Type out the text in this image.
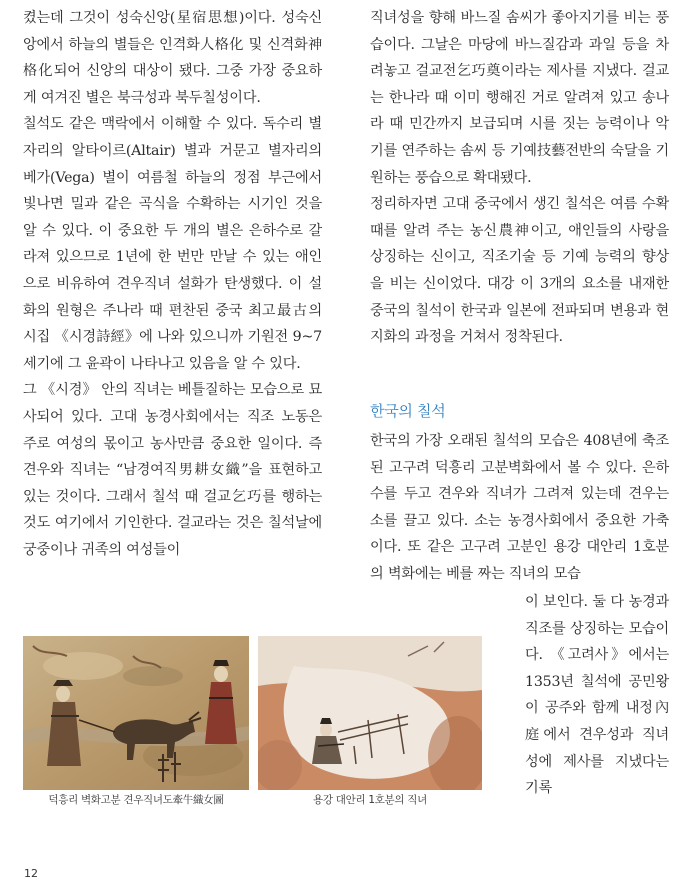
켰는데 그것이 성숙신앙(星宿思想)이다. 성숙신앙에서 하늘의 별들은 인격화人格化 및 신격화神格化되어 신앙의 대상이 됐다. 그중 가장 중요하게 여겨진 별은 북극성과 북두칠성이다.

칠석도 같은 맥락에서 이해할 수 있다. 독수리 별자리의 알타이르(Altair) 별과 거문고 별자리의 베가(Vega) 별이 여름철 하늘의 정점 부근에서 빛나면 밀과 같은 곡식을 수확하는 시기인 것을 알 수 있다. 이 중요한 두 개의 별은 은하수로 갈라져 있으므로 1년에 한 번만 만날 수 있는 애인으로 비유하여 견우직녀 설화가 탄생했다. 이 설화의 원형은 주나라 때 편찬된 중국 최고最古의 시집 《시경詩經》에 나와 있으니까 기원전 9~7세기에 그 윤곽이 나타나고 있음을 알 수 있다.

그 《시경》 안의 직녀는 베틀질하는 모습으로 묘사되어 있다. 고대 농경사회에서는 직조 노동은 주로 여성의 몫이고 농사만큼 중요한 일이다. 즉 견우와 직녀는 “남경여직男耕女織”을 표현하고 있는 것이다. 그래서 칠석 때 걸교乞巧를 행하는 것도 여기에서 기인한다. 걸교라는 것은 칠석날에 궁중이나 귀족의 여성들이

직녀성을 향해 바느질 솜씨가 좋아지기를 비는 풍습이다. 그날은 마당에 바느질감과 과일 등을 차려놓고 걸교전乞巧奠이라는 제사를 지냈다. 걸교는 한나라 때 이미 행해진 거로 알려져 있고 송나라 때 민간까지 보급되며 시를 짓는 능력이나 악기를 연주하는 솜씨 등 기예技藝전반의 숙달을 기원하는 풍습으로 확대됐다.

정리하자면 고대 중국에서 생긴 칠석은 여름 수확 때를 알려 주는 농신農神이고, 애인들의 사랑을 상징하는 신이고, 직조기술 등 기예 능력의 향상을 비는 신이었다. 대강 이 3개의 요소를 내재한 중국의 칠석이 한국과 일본에 전파되며 변용과 현지화의 과정을 거쳐서 정착된다.

한국의 칠석

한국의 가장 오래된 칠석의 모습은 408년에 축조된 고구려 덕흥리 고분벽화에서 볼 수 있다. 은하수를 두고 견우와 직녀가 그려져 있는데 견우는 소를 끌고 있다. 소는 농경사회에서 중요한 가축이다. 또 같은 고구려 고분인 용강 대안리 1호분의 벽화에는 베를 짜는 직녀의 모습

이 보인다. 둘 다 농경과 직조를 상징하는 모습이다. 《고려사》에서는 1353년 칠석에 공민왕이 공주와 함께 내정內庭에서 견우성과 직녀성에 제사를 지냈다는 기록

덕흥리 벽화고분 견우직녀도牽牛織女圖	용강 대안리 1호분의 직녀
12
